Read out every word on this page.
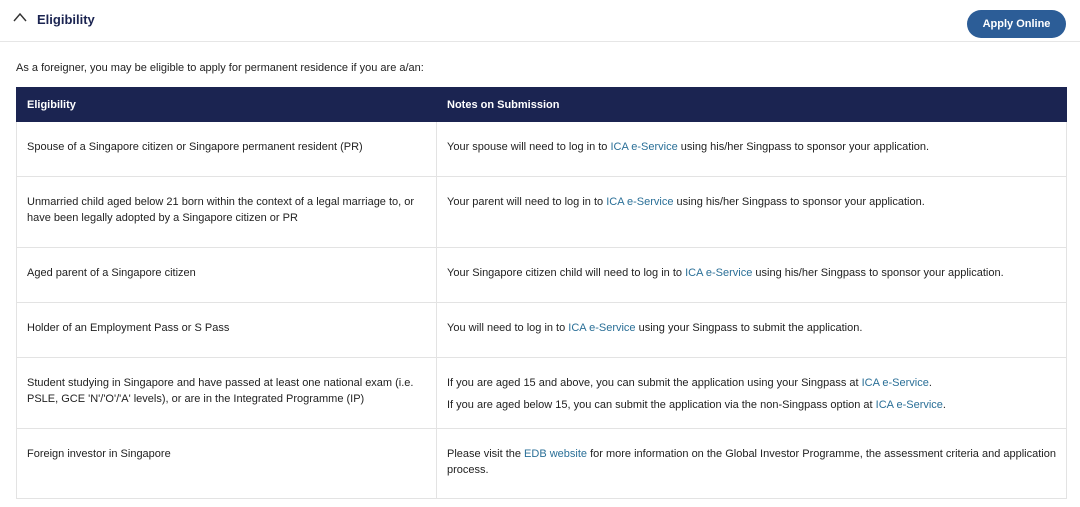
Eligibility	Apply Online
As a foreigner, you may be eligible to apply for permanent residence if you are a/an:
Eligibility	Notes on Submission

Spouse of a Singapore citizen or Singapore permanent resident (PR)	Your spouse will need to log in to ICA e-Service using his/her Singpass to sponsor your application.

Unmarried child aged below 21 born within the context of a legal marriage to, or have been legally adopted by a Singapore citizen or PR	Your parent will need to log in to ICA e-Service using his/her Singpass to sponsor your application.

Aged parent of a Singapore citizen	Your Singapore citizen child will need to log in to ICA e-Service using his/her Singpass to sponsor your application.

Holder of an Employment Pass or S Pass	You will need to log in to ICA e-Service using your Singpass to submit the application.

Student studying in Singapore and have passed at least one national exam (i.e. PSLE, GCE 'N'/'O'/'A' levels), or are in the Integrated Programme (IP)	If you are aged 15 and above, you can submit the application using your Singpass at ICA e-Service.
If you are aged below 15, you can submit the application via the non-Singpass option at ICA e-Service.

Foreign investor in Singapore	Please visit the EDB website for more information on the Global Investor Programme, the assessment criteria and application process.
